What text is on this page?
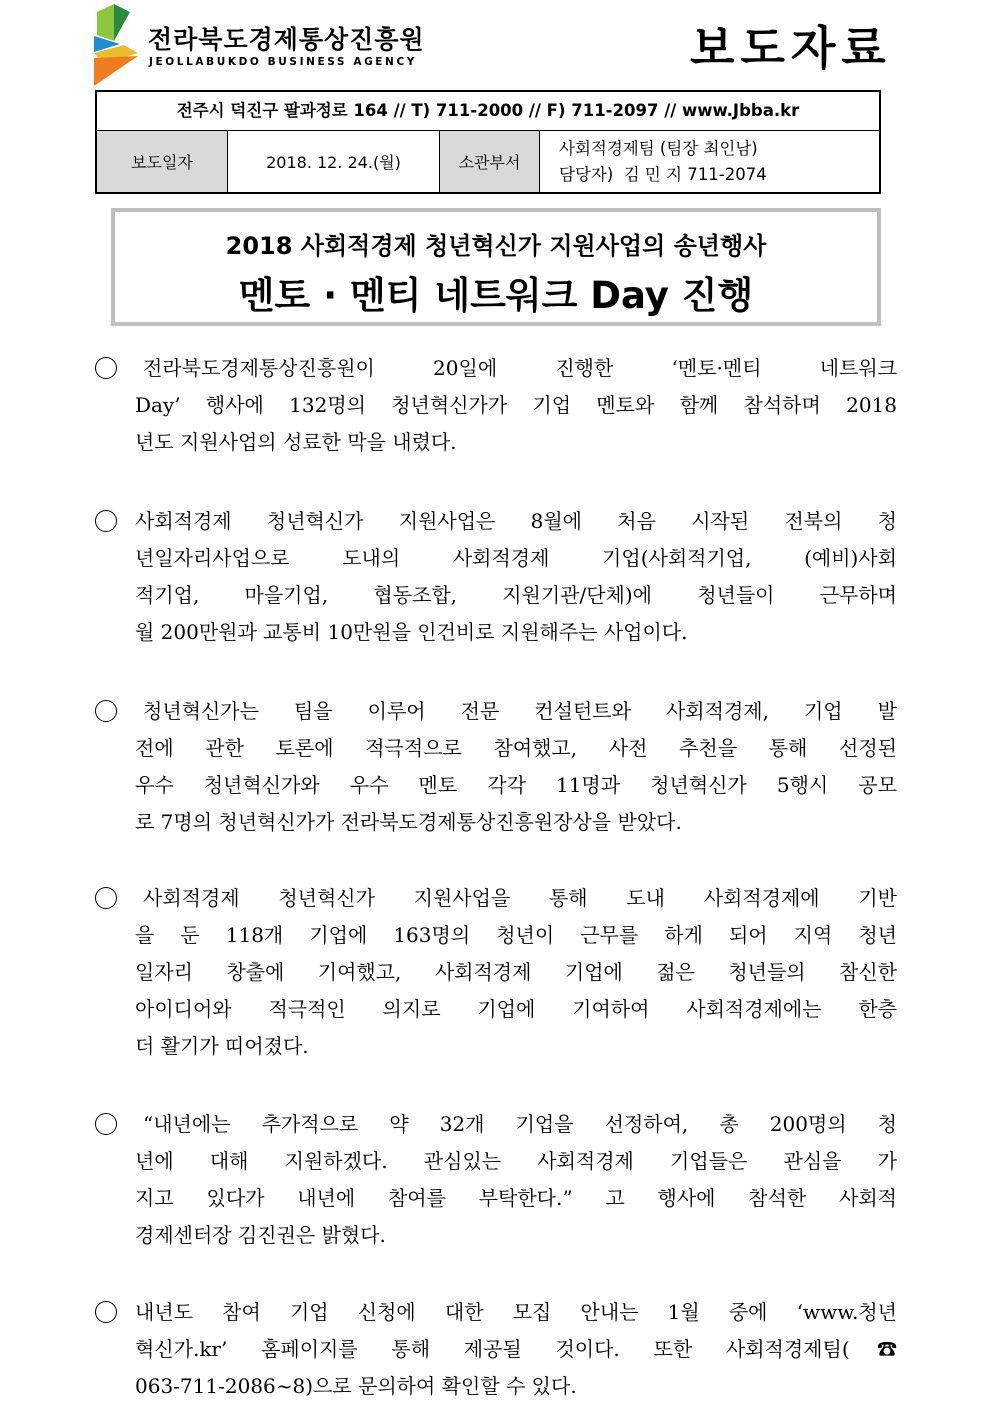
전라북도경제통상진흥원
JEOLLABUKDO BUSINESS AGENCY	보도자료
전주시 덕진구 팔과정로 164 // T) 711-2000 // F) 711-2097 // www.Jbba.kr
보도일자	2018. 12. 24.(월)	소관부서
사회적경제팀 (팀장 최인남)
담당자)  김 민 지 711-2074
2018 사회적경제 청년혁신가 지원사업의 송년행사
멘토 · 멘티 네트워크 Day 진행
전라북도경제통상진흥원이 20일에 진행한 ‘멘토·멘티 네트워크
Day’ 행사에 132명의 청년혁신가가 기업 멘토와 함께 참석하며 2018
년도 지원사업의 성료한 막을 내렸다.
사회적경제 청년혁신가 지원사업은 8월에 처음 시작된 전북의 청
년일자리사업으로 도내의 사회적경제 기업(사회적기업, (예비)사회
적기업, 마을기업, 협동조합, 지원기관/단체)에 청년들이 근무하며
월 200만원과 교통비 10만원을 인건비로 지원해주는 사업이다.
청년혁신가는 팀을 이루어 전문 컨설턴트와 사회적경제, 기업 발
전에 관한 토론에 적극적으로 참여했고, 사전 추천을 통해 선정된
우수 청년혁신가와 우수 멘토 각각 11명과 청년혁신가 5행시 공모
로 7명의 청년혁신가가 전라북도경제통상진흥원장상을 받았다.
사회적경제 청년혁신가 지원사업을 통해 도내 사회적경제에 기반
을 둔 118개 기업에 163명의 청년이 근무를 하게 되어 지역 청년
일자리 창출에 기여했고, 사회적경제 기업에 젊은 청년들의 참신한
아이디어와 적극적인 의지로 기업에 기여하여 사회적경제에는 한층
더 활기가 띠어졌다.
“내년에는 추가적으로 약 32개 기업을 선정하여, 총 200명의 청
년에 대해 지원하겠다. 관심있는 사회적경제 기업들은 관심을 가
지고 있다가 내년에 참여를 부탁한다.” 고 행사에 참석한 사회적
경제센터장 김진권은 밝혔다.
내년도 참여 기업 신청에 대한 모집 안내는 1월 중에 ‘www.청년
혁신가.kr’ 홈페이지를 통해 제공될 것이다. 또한 사회적경제팀(☎
063-711-2086~8)으로 문의하여 확인할 수 있다.
